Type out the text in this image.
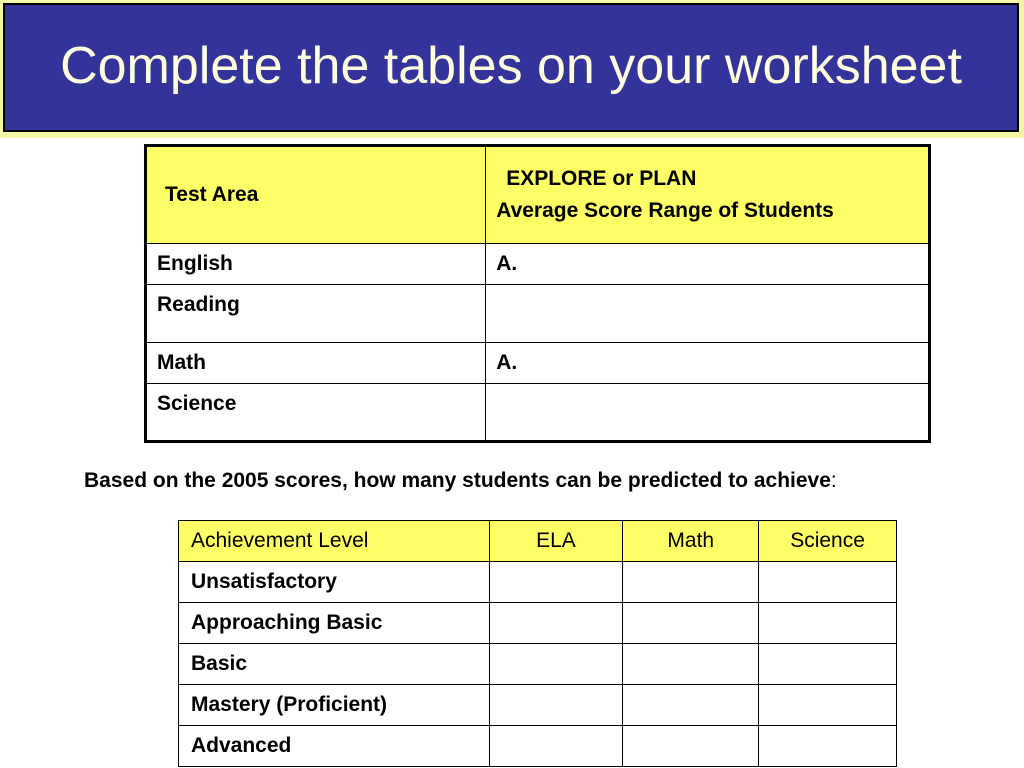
Complete the tables on your worksheet
Test Area	EXPLORE or PLAN
Average Score Range of Students

English	A.
Reading	
Math	A.
Science	
Based on the 2005 scores, how many students can be predicted to achieve:
Achievement Level	ELA	Math	Science
Unsatisfactory			
Approaching Basic			
Basic			
Mastery (Proficient)			
Advanced			
